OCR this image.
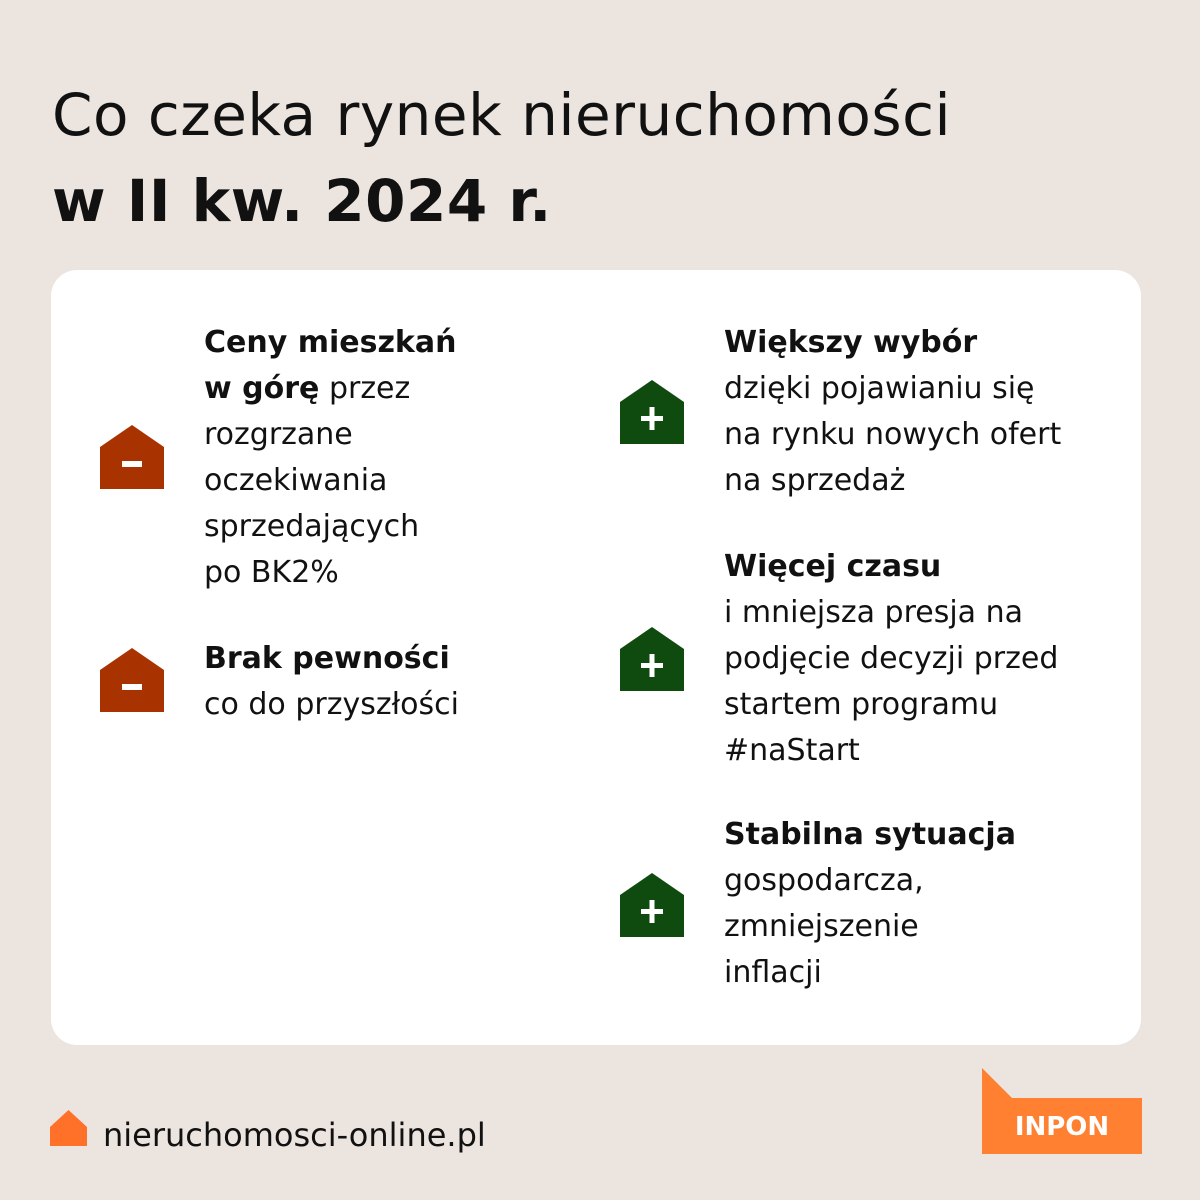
Co czeka rynek nieruchomości
w II kw. 2024 r.
Ceny mieszkań
w górę przez
rozgrzane
oczekiwania
sprzedających
po BK2%
Brak pewności
co do przyszłości
Większy wybór
dzięki pojawianiu się
na rynku nowych ofert
na sprzedaż
Więcej czasu
i mniejsza presja na
podjęcie decyzji przed
startem programu
#naStart
Stabilna sytuacja
gospodarcza,
zmniejszenie
inflacji
nieruchomosci-online.pl	INPON
